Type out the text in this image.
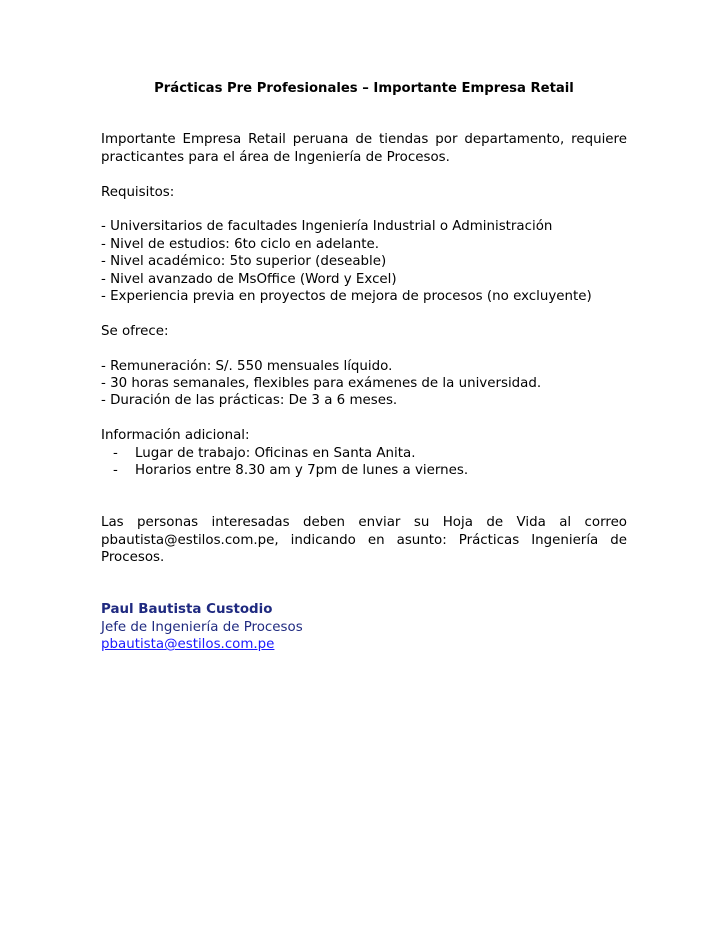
Prácticas Pre Profesionales – Importante Empresa Retail

Importante Empresa Retail peruana de tiendas por departamento, requiere practicantes para el área de Ingeniería de Procesos.

Requisitos:

- Universitarios de facultades Ingeniería Industrial o Administración
- Nivel de estudios: 6to ciclo en adelante.
- Nivel académico: 5to superior (deseable)
- Nivel avanzado de MsOffice (Word y Excel)
- Experiencia previa en proyectos de mejora de procesos (no excluyente)

Se ofrece:

- Remuneración: S/. 550 mensuales líquido.
- 30 horas semanales, flexibles para exámenes de la universidad.
- Duración de las prácticas: De 3 a 6 meses.

Información adicional:

- Lugar de trabajo: Oficinas en Santa Anita.
- Horarios entre 8.30 am y 7pm de lunes a viernes.

Las personas interesadas deben enviar su Hoja de Vida al correo pbautista@estilos.com.pe, indicando en asunto: Prácticas Ingeniería de Procesos.

Paul Bautista Custodio

Jefe de Ingeniería de Procesos

pbautista@estilos.com.pe
